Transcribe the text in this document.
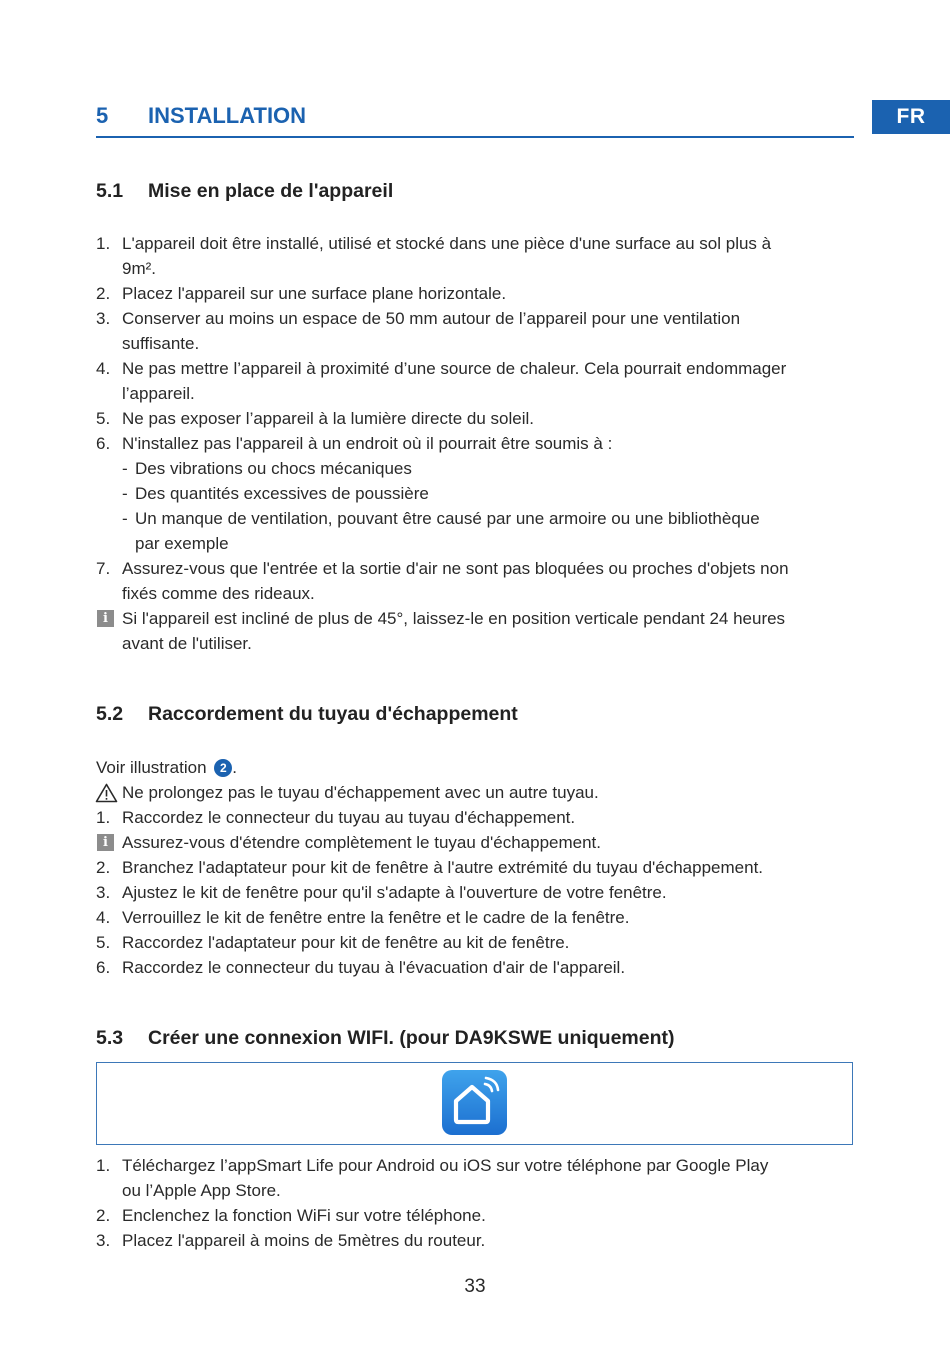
FR
5 INSTALLATION
5.1 Mise en place de l'appareil
1. L'appareil doit être installé, utilisé et stocké dans une pièce d'une surface au sol plus à
9m².
2. Placez l'appareil sur une surface plane horizontale.
3. Conserver au moins un espace de 50 mm autour de l’appareil pour une ventilation
suffisante.
4. Ne pas mettre l’appareil à proximité d’une source de chaleur. Cela pourrait endommager
l’appareil.
5. Ne pas exposer l’appareil à la lumière directe du soleil.
6. N'installez pas l'appareil à un endroit où il pourrait être soumis à :
- Des vibrations ou chocs mécaniques
- Des quantités excessives de poussière
- Un manque de ventilation, pouvant être causé par une armoire ou une bibliothèque
par exemple
7. Assurez-vous que l'entrée et la sortie d'air ne sont pas bloquées ou proches d'objets non
fixés comme des rideaux.
i Si l'appareil est incliné de plus de 45°, laissez-le en position verticale pendant 24 heures
avant de l'utiliser.
5.2 Raccordement du tuyau d'échappement
Voir illustration 2 .
Ne prolongez pas le tuyau d'échappement avec un autre tuyau.
1. Raccordez le connecteur du tuyau au tuyau d'échappement.
i Assurez-vous d'étendre complètement le tuyau d'échappement.
2. Branchez l'adaptateur pour kit de fenêtre à l'autre extrémité du tuyau d'échappement.
3. Ajustez le kit de fenêtre pour qu'il s'adapte à l'ouverture de votre fenêtre.
4. Verrouillez le kit de fenêtre entre la fenêtre et le cadre de la fenêtre.
5. Raccordez l'adaptateur pour kit de fenêtre au kit de fenêtre.
6. Raccordez le connecteur du tuyau à l'évacuation d'air de l'appareil.
5.3 Créer une connexion WIFI. (pour DA9KSWE uniquement)
1. Téléchargez l’appSmart Life pour Android ou iOS sur votre téléphone par Google Play
ou l’Apple App Store.
2. Enclenchez la fonction WiFi sur votre téléphone.
3. Placez l'appareil à moins de 5mètres du routeur.
33
